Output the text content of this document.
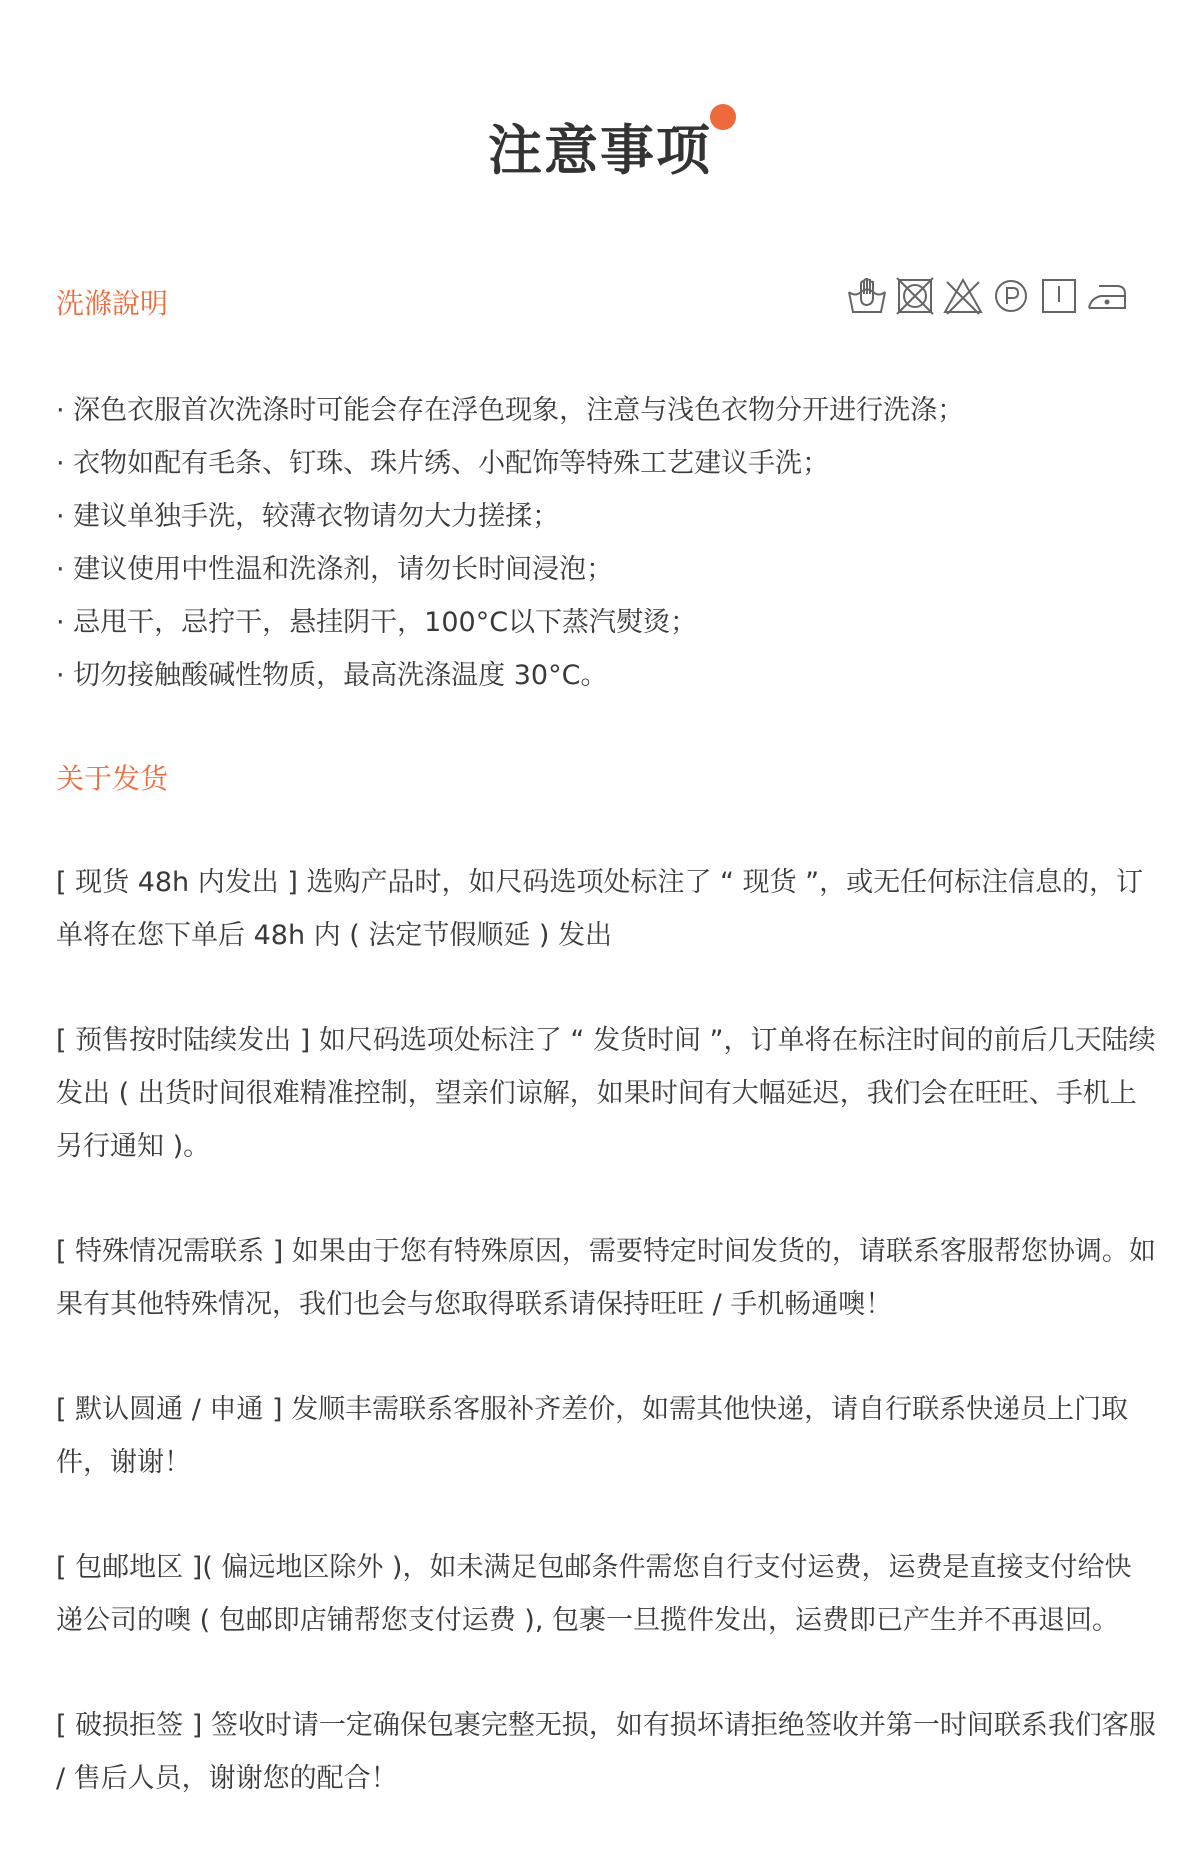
注意事项
洗滌說明
· 深色衣服首次洗涤时可能会存在浮色现象，注意与浅色衣物分开进行洗涤；
· 衣物如配有毛条、钉珠、珠片绣、小配饰等特殊工艺建议手洗；
· 建议单独手洗，较薄衣物请勿大力搓揉；
· 建议使用中性温和洗涤剂，请勿长时间浸泡；
· 忌甩干，忌拧干，悬挂阴干，100°C以下蒸汽熨烫；
· 切勿接触酸碱性物质，最高洗涤温度 30°C。
关于发货

[ 现货 48h 内发出 ] 选购产品时，如尺码选项处标注了 “ 现货 ”，或无任何标注信息的，订单将在您下单后 48h 内 ( 法定节假顺延 ) 发出

[ 预售按时陆续发出 ] 如尺码选项处标注了 “ 发货时间 ”，订单将在标注时间的前后几天陆续发出 ( 出货时间很难精准控制，望亲们谅解，如果时间有大幅延迟，我们会在旺旺、手机上另行通知 )。

[ 特殊情况需联系 ] 如果由于您有特殊原因，需要特定时间发货的，请联系客服帮您协调。如果有其他特殊情况，我们也会与您取得联系请保持旺旺 / 手机畅通噢！

[ 默认圆通 / 申通 ] 发顺丰需联系客服补齐差价，如需其他快递，请自行联系快递员上门取件，谢谢！

[ 包邮地区 ]( 偏远地区除外 )，如未满足包邮条件需您自行支付运费，运费是直接支付给快递公司的噢 ( 包邮即店铺帮您支付运费 ), 包裹一旦揽件发出，运费即已产生并不再退回。

[ 破损拒签 ] 签收时请一定确保包裹完整无损，如有损坏请拒绝签收并第一时间联系我们客服 / 售后人员，谢谢您的配合！
